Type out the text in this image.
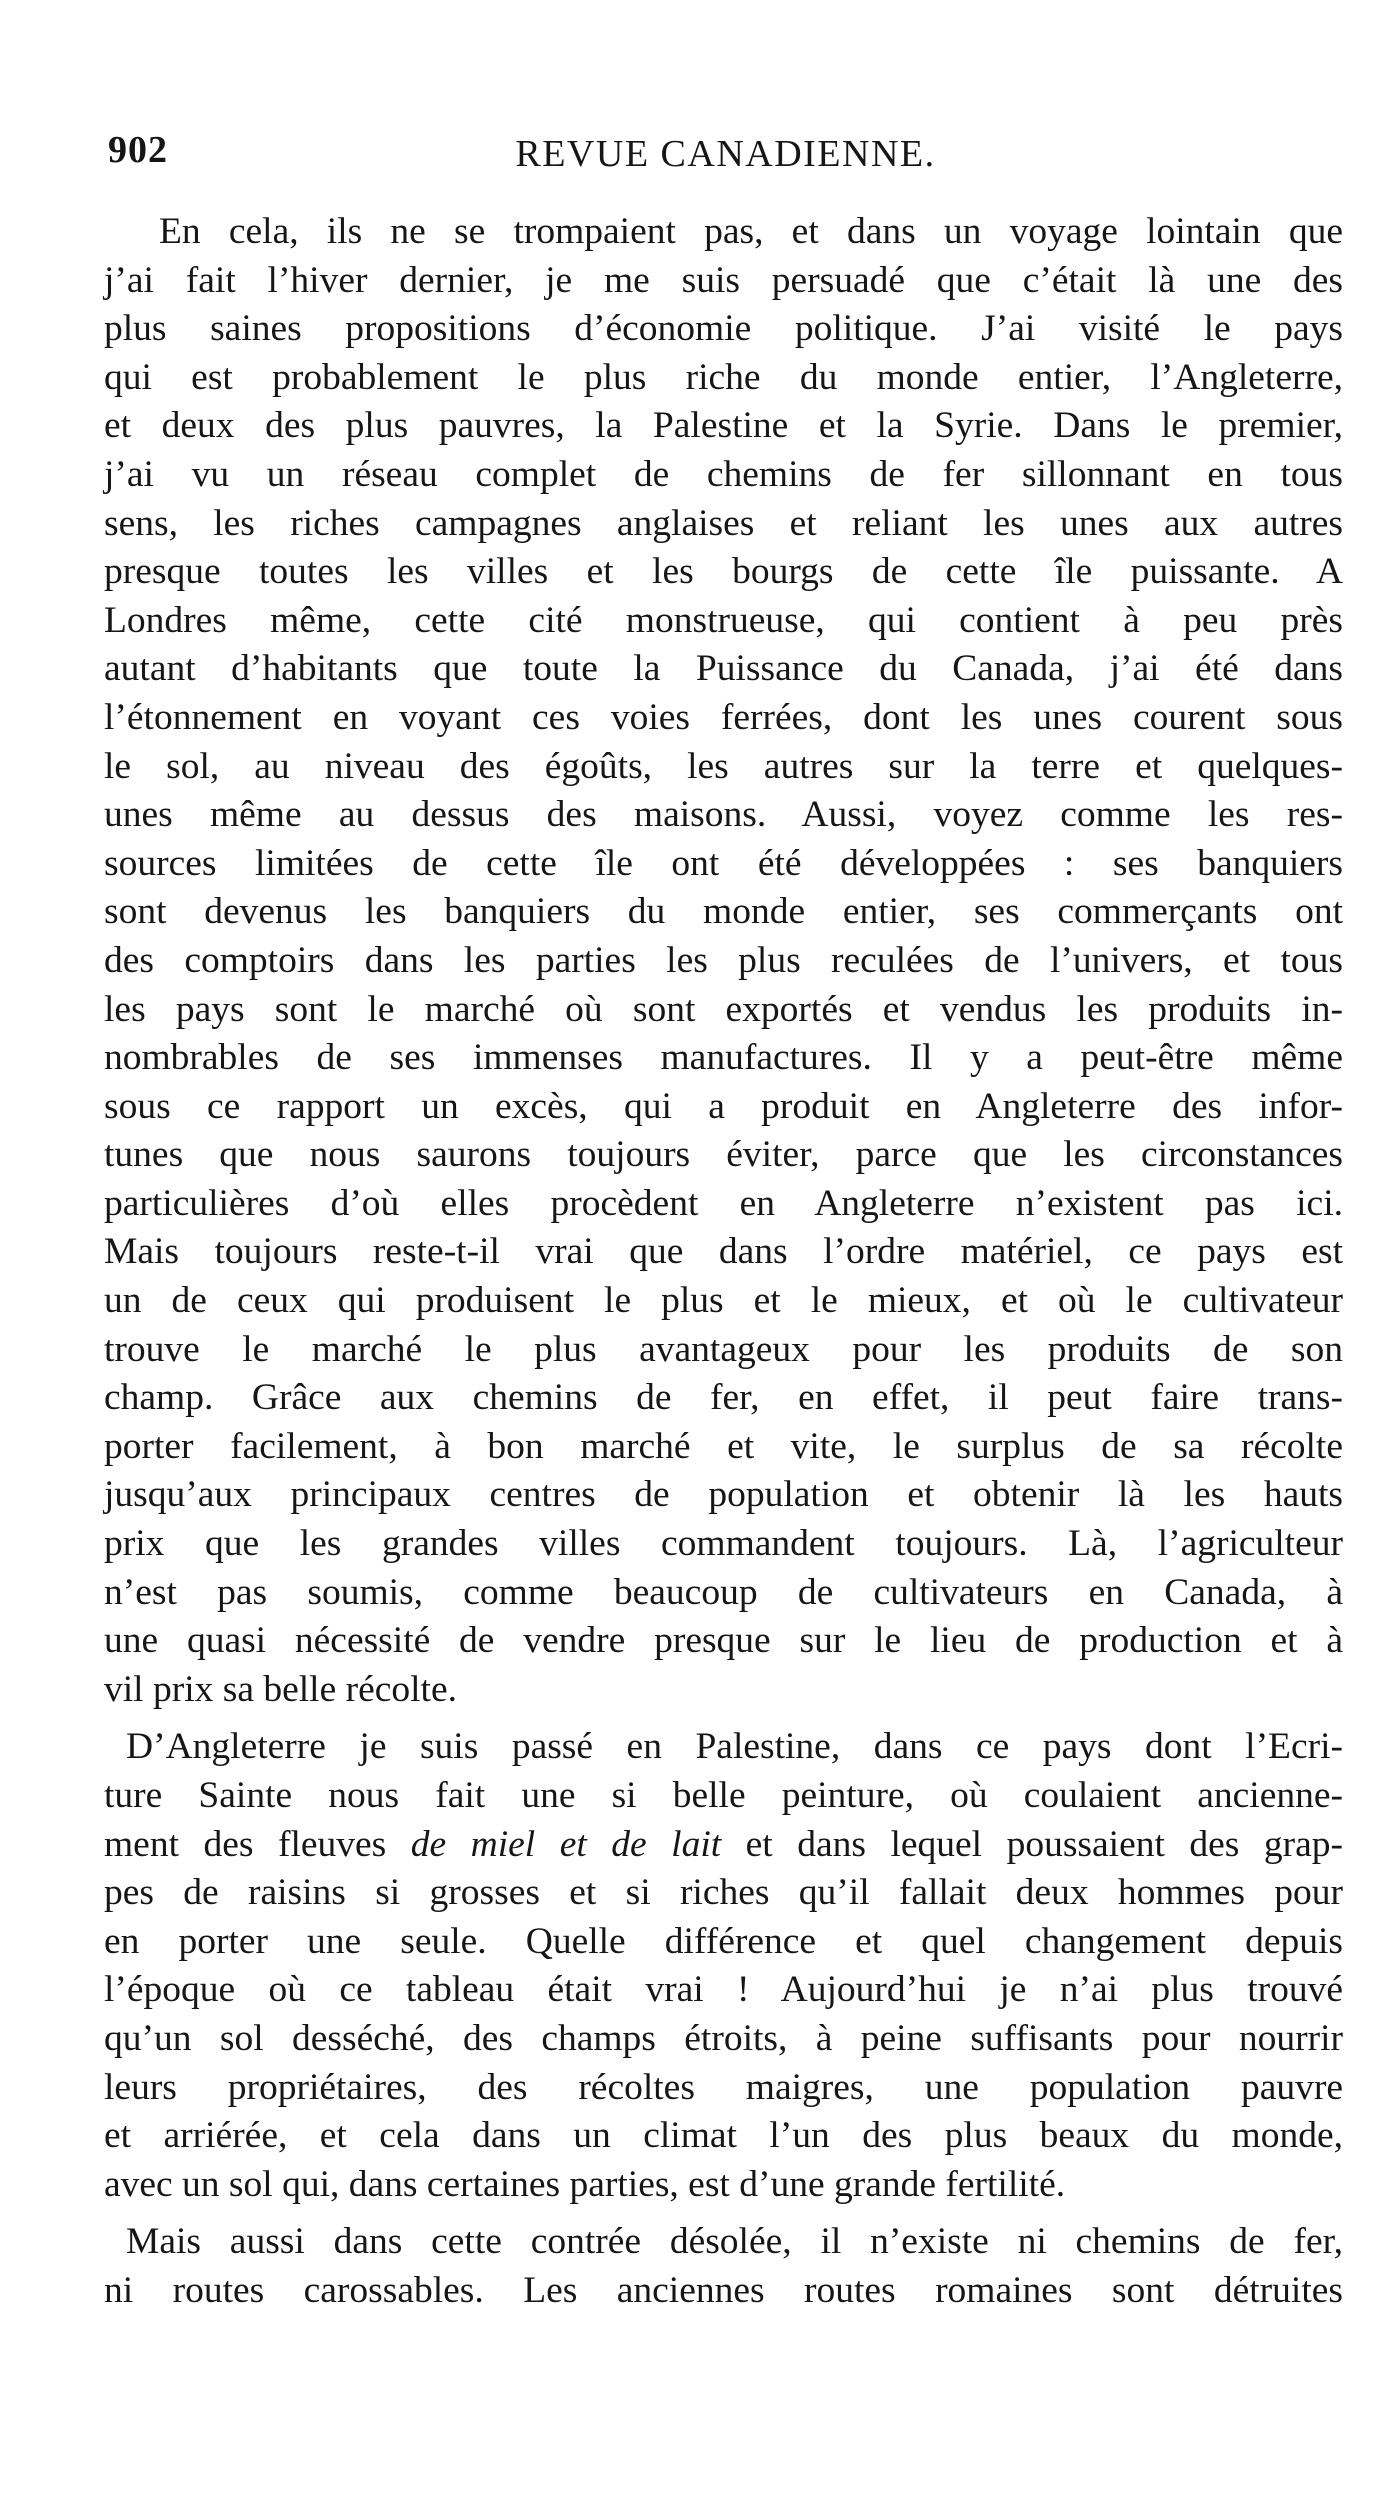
902	REVUE CANADIENNE.
En cela, ils ne se trompaient pas, et dans un voyage lointain que
j’ai fait l’hiver dernier, je me suis persuadé que c’était là une des
plus saines propositions d’économie politique. J’ai visité le pays
qui est probablement le plus riche du monde entier, l’Angleterre,
et deux des plus pauvres, la Palestine et la Syrie. Dans le premier,
j’ai vu un réseau complet de chemins de fer sillonnant en tous
sens, les riches campagnes anglaises et reliant les unes aux autres
presque toutes les villes et les bourgs de cette île puissante. A
Londres même, cette cité monstrueuse, qui contient à peu près
autant d’habitants que toute la Puissance du Canada, j’ai été dans
l’étonnement en voyant ces voies ferrées, dont les unes courent sous
le sol, au niveau des égoûts, les autres sur la terre et quelques-
unes même au dessus des maisons. Aussi, voyez comme les res-
sources limitées de cette île ont été développées : ses banquiers
sont devenus les banquiers du monde entier, ses commerçants ont
des comptoirs dans les parties les plus reculées de l’univers, et tous
les pays sont le marché où sont exportés et vendus les produits in-
nombrables de ses immenses manufactures. Il y a peut-être même
sous ce rapport un excès, qui a produit en Angleterre des infor-
tunes que nous saurons toujours éviter, parce que les circonstances
particulières d’où elles procèdent en Angleterre n’existent pas ici.
Mais toujours reste-t-il vrai que dans l’ordre matériel, ce pays est
un de ceux qui produisent le plus et le mieux, et où le cultivateur
trouve le marché le plus avantageux pour les produits de son
champ. Grâce aux chemins de fer, en effet, il peut faire trans-
porter facilement, à bon marché et vite, le surplus de sa récolte
jusqu’aux principaux centres de population et obtenir là les hauts
prix que les grandes villes commandent toujours. Là, l’agriculteur
n’est pas soumis, comme beaucoup de cultivateurs en Canada, à
une quasi nécessité de vendre presque sur le lieu de production et à
vil prix sa belle récolte.
D’Angleterre je suis passé en Palestine, dans ce pays dont l’Ecri-
ture Sainte nous fait une si belle peinture, où coulaient ancienne-
ment des fleuves de miel et de lait et dans lequel poussaient des grap-
pes de raisins si grosses et si riches qu’il fallait deux hommes pour
en porter une seule. Quelle différence et quel changement depuis
l’époque où ce tableau était vrai ! Aujourd’hui je n’ai plus trouvé
qu’un sol desséché, des champs étroits, à peine suffisants pour nourrir
leurs propriétaires, des récoltes maigres, une population pauvre
et arriérée, et cela dans un climat l’un des plus beaux du monde,
avec un sol qui, dans certaines parties, est d’une grande fertilité.
Mais aussi dans cette contrée désolée, il n’existe ni chemins de fer,
ni routes carossables. Les anciennes routes romaines sont détruites
